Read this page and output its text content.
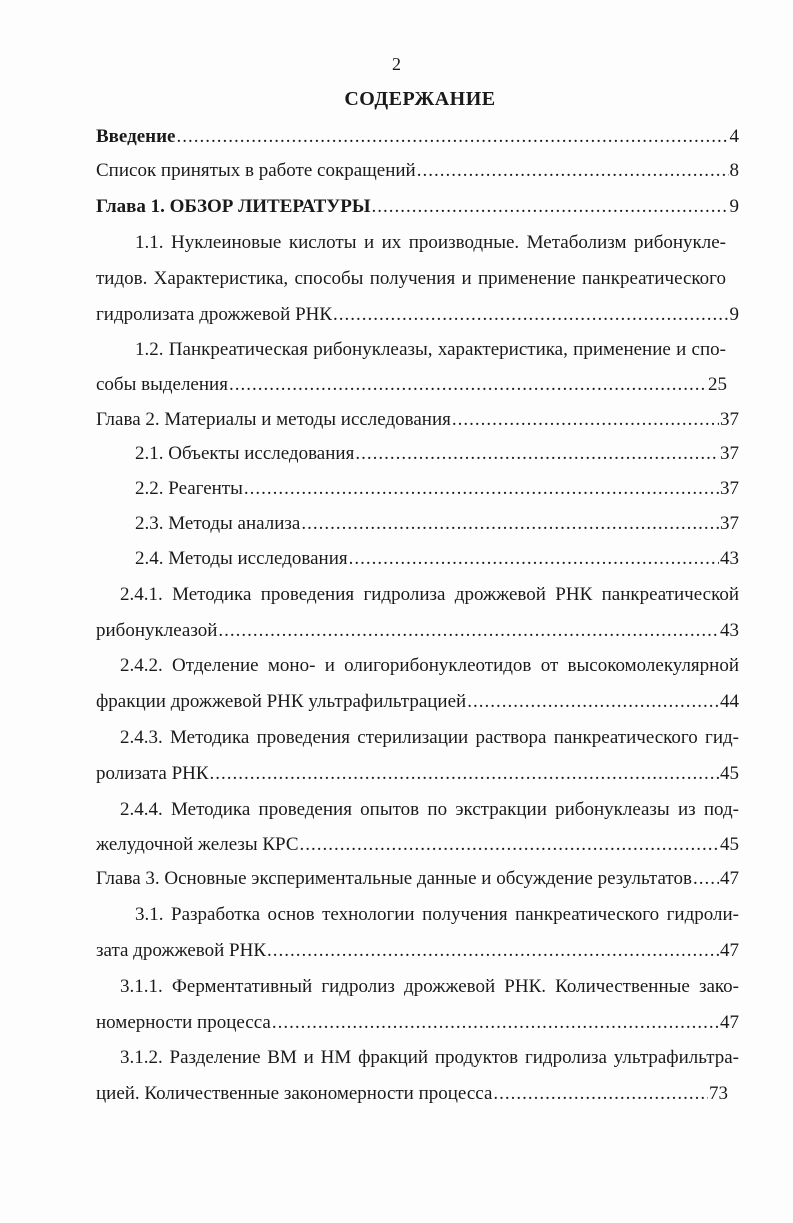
2
СОДЕРЖАНИЕ
Введение .....	4
Список принятых в работе сокращений .....	8
Глава 1. ОБЗОР ЛИТЕРАТУРЫ .....	9
1.1. Нуклеиновые кислоты и их производные. Метаболизм рибонукле-
тидов. Характеристика, способы получения и применение панкреатического
гидролизата дрожжевой РНК .....	9
1.2. Панкреатическая рибонуклеазы, характеристика, применение и спо-
собы выделения .....	25
Глава 2. Материалы и методы исследования .....	37
2.1. Объекты исследования .....	37
2.2. Реагенты .....	37
2.3. Методы анализа .....	37
2.4. Методы исследования .....	43
2.4.1. Методика проведения гидролиза дрожжевой РНК панкреатической
рибонуклеазой .....	43
2.4.2. Отделение моно- и олигорибонуклеотидов от высокомолекулярной
фракции дрожжевой РНК ультрафильтрацией .....	44
2.4.3. Методика проведения стерилизации раствора панкреатического гид-
ролизата РНК .....	45
2.4.4. Методика проведения опытов по экстракции рибонуклеазы из под-
желудочной железы КРС .....	45
Глава 3. Основные экспериментальные данные и обсуждение результатов ..... 47
3.1. Разработка основ технологии получения панкреатического гидроли-
зата дрожжевой РНК .....	47
3.1.1. Ферментативный гидролиз дрожжевой РНК. Количественные зако-
номерности процесса .....	47
3.1.2. Разделение ВМ и НМ фракций продуктов гидролиза ультрафильтра-
цией. Количественные закономерности процесса .....	73
